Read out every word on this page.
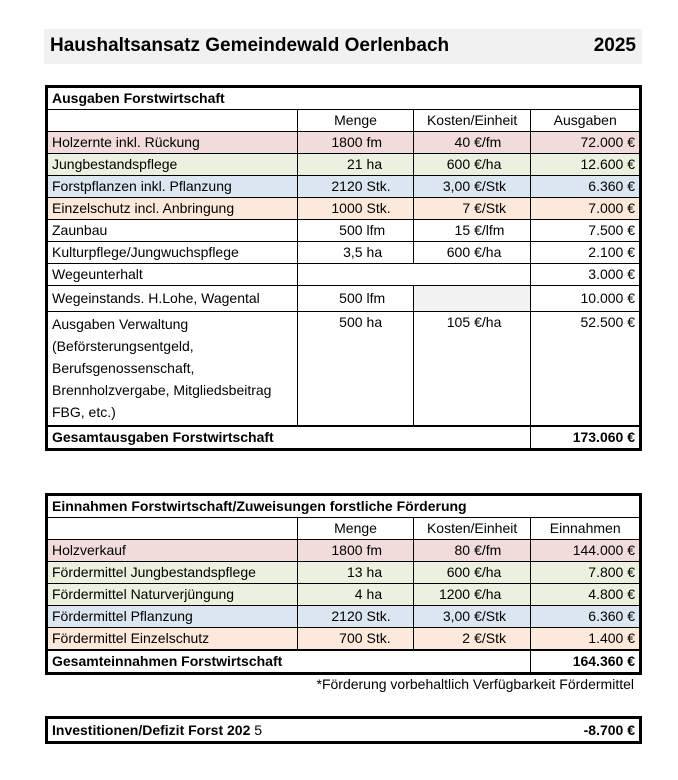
Haushaltsansatz Gemeindewald Oerlenbach	2025
Ausgaben Forstwirtschaft			
	Menge	Kosten/Einheit	Ausgaben
Holzernte inkl. Rückung	1800 fm	40 €/fm	72.000 €
Jungbestandspflege	21 ha	600 €/ha	12.600 €
Forstpflanzen inkl. Pflanzung	2120 Stk.	3,00 €/Stk	6.360 €
Einzelschutz incl. Anbringung	1000 Stk.	7 €/Stk	7.000 €
Zaunbau	500 lfm	15 €/lfm	7.500 €
Kulturpflege/Jungwuchspflege	3,5 ha	600 €/ha	2.100 €
Wegeunterhalt			3.000 €
Wegeinstands. H.Lohe, Wagental	500 lfm		10.000 €

Ausgaben Verwaltung
(Beförsterungsentgeld,
Berufsgenossenschaft,
Brennholzvergabe, Mitgliedsbeitrag
FBG, etc.)	500 ha	105 €/ha	52.500 €
Gesamtausgaben Forstwirtschaft			173.060 €
Einnahmen Forstwirtschaft/Zuweisungen forstliche Förderung			
	Menge	Kosten/Einheit	Einnahmen
Holzverkauf	1800 fm	80 €/fm	144.000 €
Fördermittel Jungbestandspflege	13 ha	600 €/ha	7.800 €
Fördermittel Naturverjüngung	4 ha	1200 €/ha	4.800 €
Fördermittel Pflanzung	2120 Stk.	3,00 €/Stk	6.360 €
Fördermittel Einzelschutz	700 Stk.	2 €/Stk	1.400 €
Gesamteinnahmen Forstwirtschaft			164.360 €
*Förderung vorbehaltlich Verfügbarkeit Fördermittel
Investitionen/Defizit Forst 202 5	-8.700 €
